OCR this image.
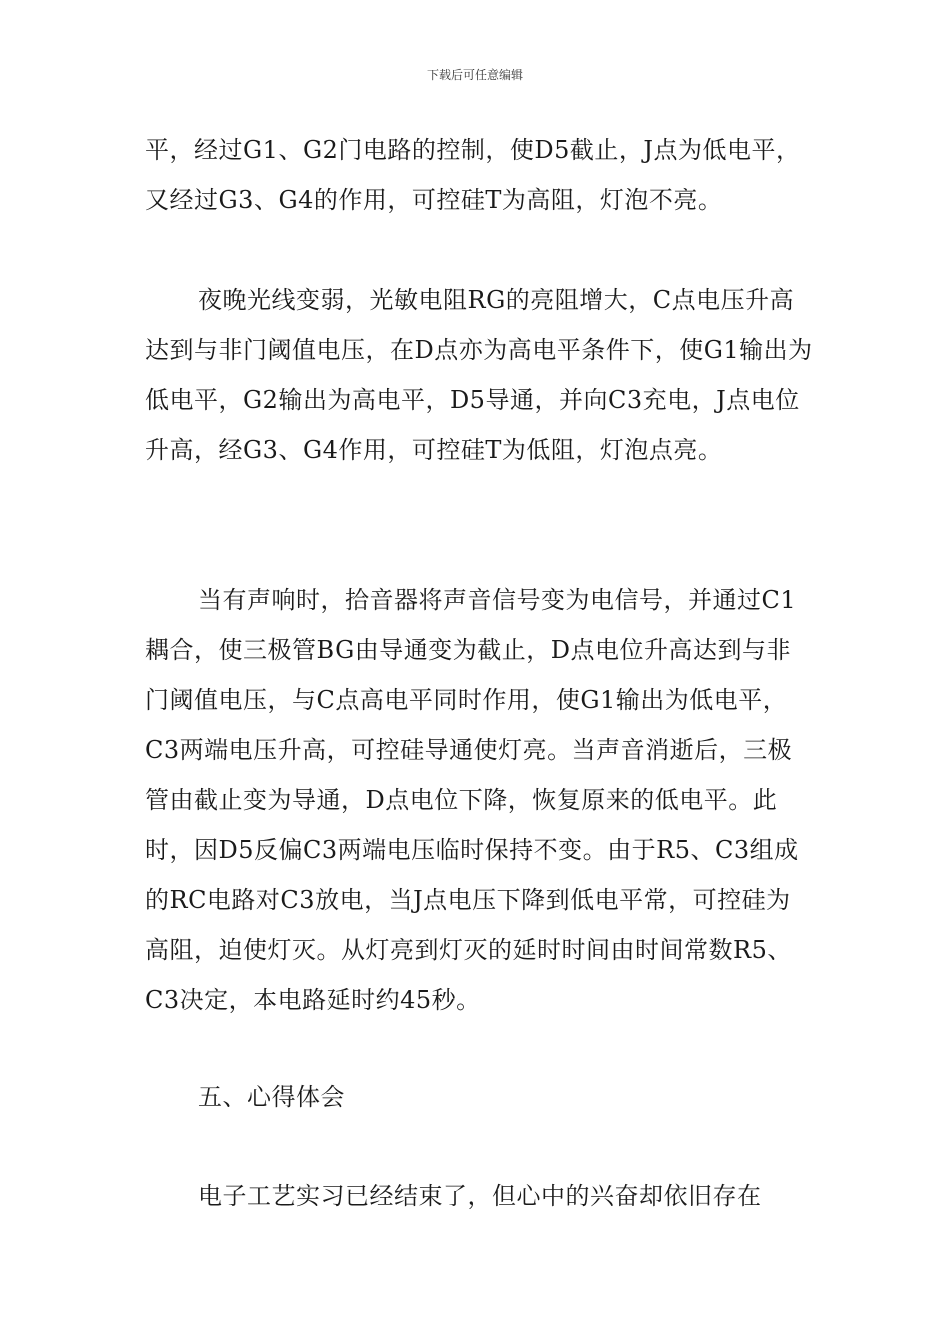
下载后可任意编辑

平，经过G1、G2门电路的控制，使D5截止，J点为低电平，又经过G3、G4的作用，可控硅T为高阻，灯泡不亮。

夜晚光线变弱，光敏电阻RG的亮阻增大，C点电压升高达到与非门阈值电压，在D点亦为高电平条件下，使G1输出为低电平，G2输出为高电平，D5导通，并向C3充电，J点电位升高，经G3、G4作用，可控硅T为低阻，灯泡点亮。

当有声响时，拾音器将声音信号变为电信号，并通过C1耦合，使三极管BG由导通变为截止，D点电位升高达到与非门阈值电压，与C点高电平同时作用，使G1输出为低电平，C3两端电压升高，可控硅导通使灯亮。当声音消逝后，三极管由截止变为导通，D点电位下降，恢复原来的低电平。此时，因D5反偏C3两端电压临时保持不变。由于R5、C3组成的RC电路对C3放电，当J点电压下降到低电平常，可控硅为高阻，迫使灯灭。从灯亮到灯灭的延时时间由时间常数R5、C3决定，本电路延时约45秒。

五、心得体会

电子工艺实习已经结束了，但心中的兴奋却依旧存在
